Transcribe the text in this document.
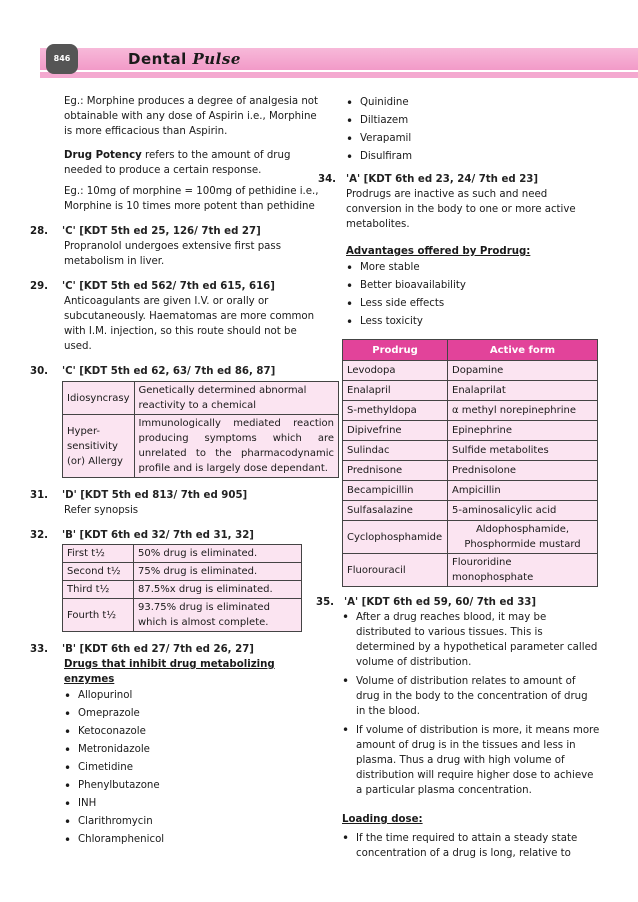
846	Dental Pulse

Eg.: Morphine produces a degree of analgesia not obtainable with any dose of Aspirin i.e., Morphine is more efficacious than Aspirin.

Drug Potency refers to the amount of drug needed to produce a certain response.

Eg.: 10mg of morphine = 100mg of pethidine i.e., Morphine is 10 times more potent than pethidine

28. 'C' [KDT 5th ed 25, 126/ 7th ed 27]

Propranolol undergoes extensive first pass metabolism in liver.

29. 'C' [KDT 5th ed 562/ 7th ed 615, 616]

Anticoagulants are given I.V. or orally or subcutaneously. Haematomas are more common with I.M. injection, so this route should not be used.

30. 'C' [KDT 5th ed 62, 63/ 7th ed 86, 87]

Idiosyncrasy	Genetically determined abnormal reactivity to a chemical
Hyper-sensitivity (or) Allergy	Immunologically mediated reaction producing symptoms which are unrelated to the pharmacodynamic profile and is largely dose dependant.

31. 'D' [KDT 5th ed 813/ 7th ed 905]

Refer synopsis

32. 'B' [KDT 6th ed 32/ 7th ed 31, 32]

First t½	50% drug is eliminated.
Second t½	75% drug is eliminated.
Third t½	87.5%x drug is eliminated.
Fourth t½	93.75% drug is eliminated which is almost complete.

33. 'B' [KDT 6th ed 27/ 7th ed 26, 27]

Drugs that inhibit drug metabolizing enzymes

• Allopurinol
• Omeprazole
• Ketoconazole
• Metronidazole
• Cimetidine
• Phenylbutazone
• INH
• Clarithromycin
• Chloramphenicol
• Quinidine
• Diltiazem
• Verapamil
• Disulfiram

34. 'A' [KDT 6th ed 23, 24/ 7th ed 23]

Prodrugs are inactive as such and need conversion in the body to one or more active metabolites.

Advantages offered by Prodrug:

• More stable
• Better bioavailability
• Less side effects
• Less toxicity
Prodrug	Active form
Levodopa	Dopamine
Enalapril	Enalaprilat
S-methyldopa	α methyl norepinephrine
Dipivefrine	Epinephrine
Sulindac	Sulfide metabolites
Prednisone	Prednisolone
Becampicillin	Ampicillin
Sulfasalazine	5-aminosalicylic acid
Cyclophosphamide	Aldophosphamide, Phosphormide mustard
Fluorouracil	Flouroridine monophosphate

35. 'A' [KDT 6th ed 59, 60/ 7th ed 33]

• After a drug reaches blood, it may be distributed to various tissues. This is determined by a hypothetical parameter called volume of distribution.
• Volume of distribution relates to amount of drug in the body to the concentration of drug in the blood.
• If volume of distribution is more, it means more amount of drug is in the tissues and less in plasma. Thus a drug with high volume of distribution will require higher dose to achieve a particular plasma concentration.

Loading dose:

• If the time required to attain a steady state concentration of a drug is long, relative to
